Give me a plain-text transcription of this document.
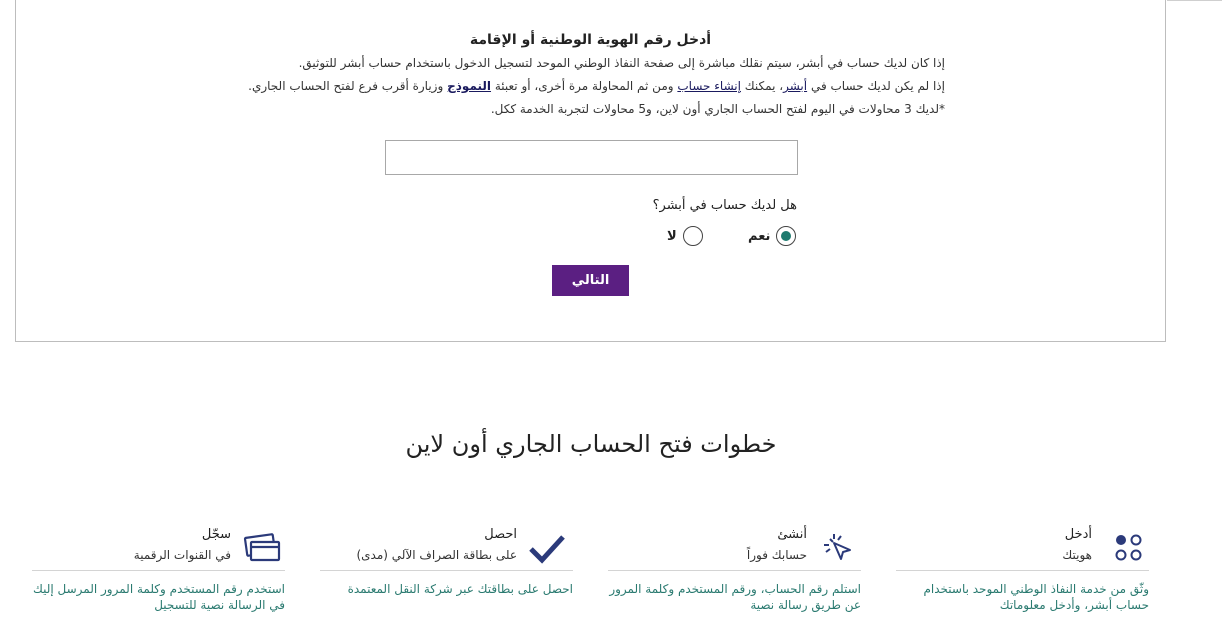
أدخل رقم الهوية الوطنية أو الإقامة
إذا كان لديك حساب في أبشر، سيتم نقلك مباشرة إلى صفحة النفاذ الوطني الموحد لتسجيل الدخول باستخدام حساب أبشر للتوثيق.
إذا لم يكن لديك حساب في أبشر، يمكنك إنشاء حساب ومن ثم المحاولة مرة أخرى، أو تعبئة النموذج وزيارة أقرب فرع لفتح الحساب الجاري.
*لديك 3 محاولات في اليوم لفتح الحساب الجاري أون لاين، و5 محاولات لتجربة الخدمة ككل.
هل لديك حساب في أبشر؟
نعم
لا
التالي
خطوات فتح الحساب الجاري أون لاين
أدخل
هويتك
وثّق من خدمة النفاذ الوطني الموحد باستخدام حساب أبشر، وأدخل معلوماتك
أنشئ
حسابك فوراً
استلم رقم الحساب، ورقم المستخدم وكلمة المرور عن طريق رسالة نصية
احصل
على بطاقة الصراف الآلي (مدى)
احصل على بطاقتك عبر شركة النقل المعتمدة
سجّل
في القنوات الرقمية
استخدم رقم المستخدم وكلمة المرور المرسل إليك في الرسالة نصية للتسجيل
